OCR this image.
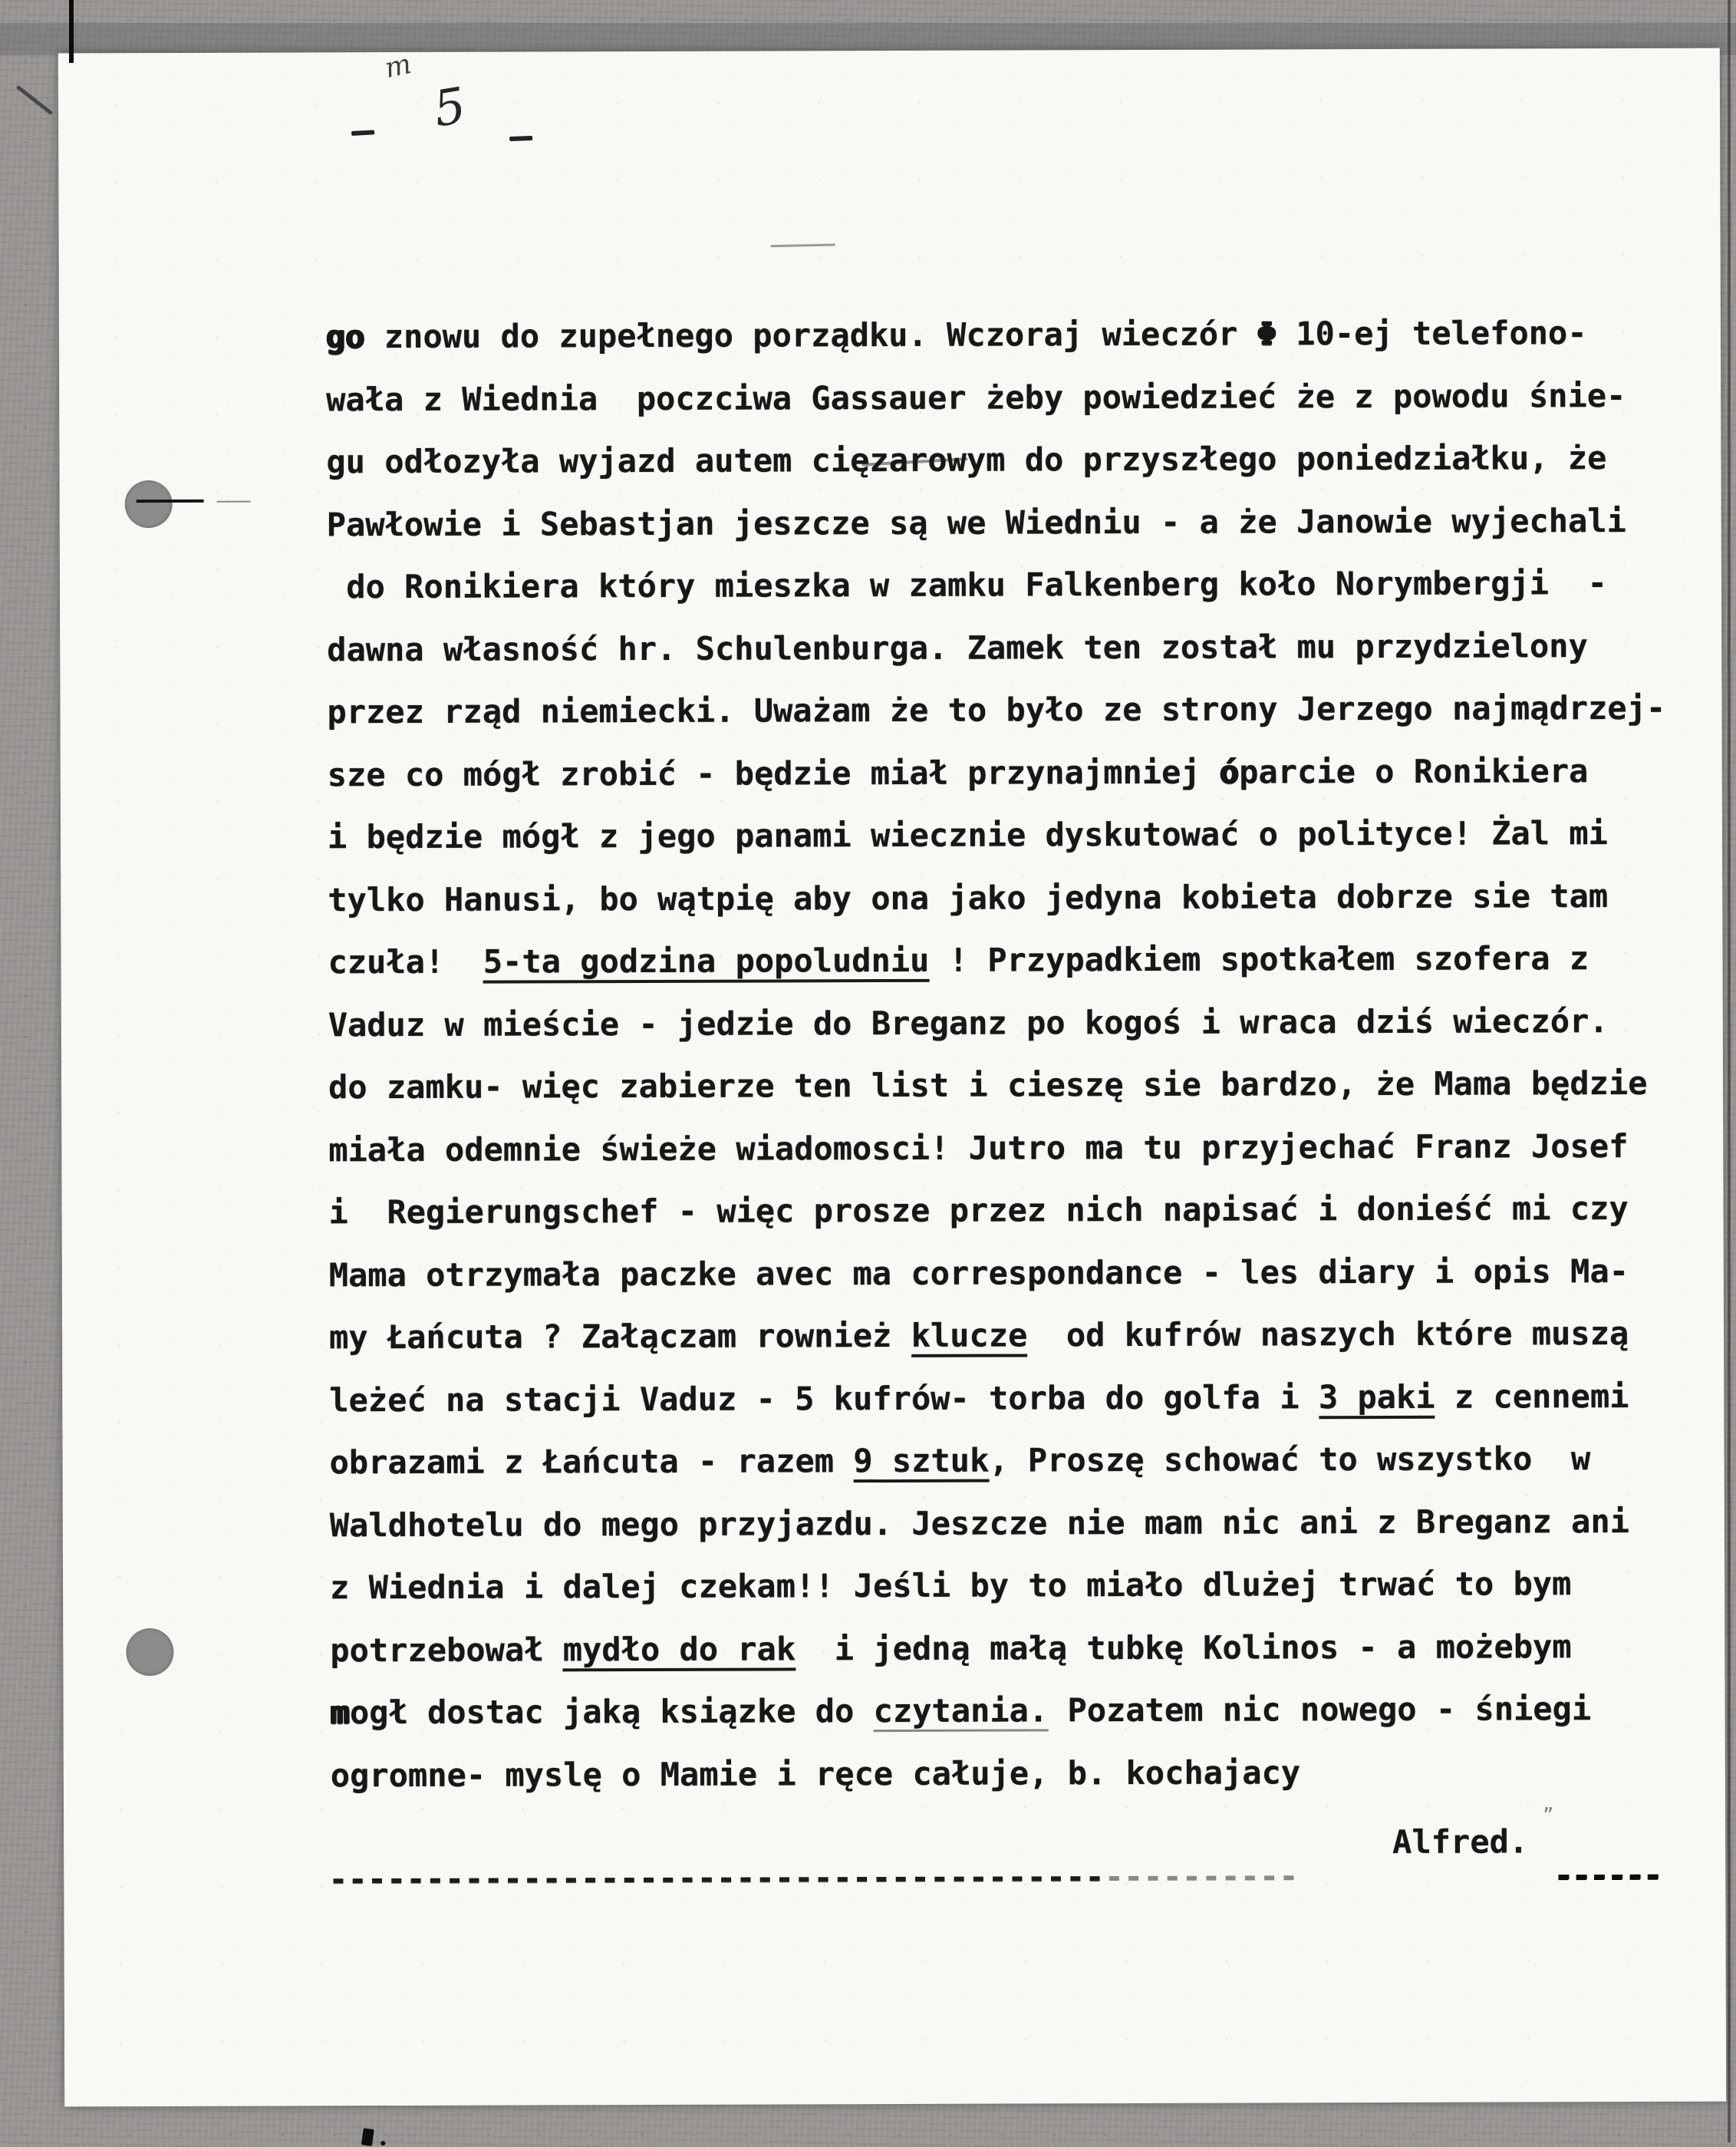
m
5
go znowu do zupełnego porządku. Wczoraj wieczór Φ 10-ej telefono-
wała z Wiednia  poczciwa Gassauer żeby powiedzieć że z powodu śnie-
gu odłozyła wyjazd autem cięzarowym do przyszłego poniedziałku, że
Pawłowie i Sebastjan jeszcze są we Wiedniu - a że Janowie wyjechali
do Ronikiera który mieszka w zamku Falkenberg koło Norymbergji  -
dawna własność hr. Schulenburga. Zamek ten został mu przydzielony
przez rząd niemiecki. Uważam że to było ze strony Jerzego najmądrzej-
sze co mógł zrobić - będzie miał przynajmniej óparcie o Ronikiera
i będzie mógł z jego panami wiecznie dyskutować o polityce! Żal mi
tylko Hanusi, bo wątpię aby ona jako jedyna kobieta dobrze sie tam
czuła!  5-ta godzina popoludniu ! Przypadkiem spotkałem szofera z
Vaduz w mieście - jedzie do Breganz po kogoś i wraca dziś wieczór.
do zamku- więc zabierze ten list i cieszę sie bardzo, że Mama będzie
miała odemnie świeże wiadomosci! Jutro ma tu przyjechać Franz Josef
i  Regierungschef - więc prosze przez nich napisać i donieść mi czy
Mama otrzymała paczke avec ma correspondance - les diary i opis Ma-
my Łańcuta ? Załączam rownież klucze  od kufrów naszych które muszą
leżeć na stacji Vaduz - 5 kufrów- torba do golfa i 3 paki z cennemi
obrazami z Łańcuta - razem 9 sztuk, Proszę schować to wszystko  w
Waldhotelu do mego przyjazdu. Jeszcze nie mam nic ani z Breganz ani
z Wiednia i dalej czekam!! Jeśli by to miało dlużej trwać to bym
potrzebował mydło do rak  i jedną małą tubkę Kolinos - a możebym
mogł dostac jaką ksiązke do czytania. Pozatem nic nowego - śniegi
ogromne- myslę o Mamie i ręce całuje, b. kochajacy
Alfred.
”
--------------------------------------------------	------
